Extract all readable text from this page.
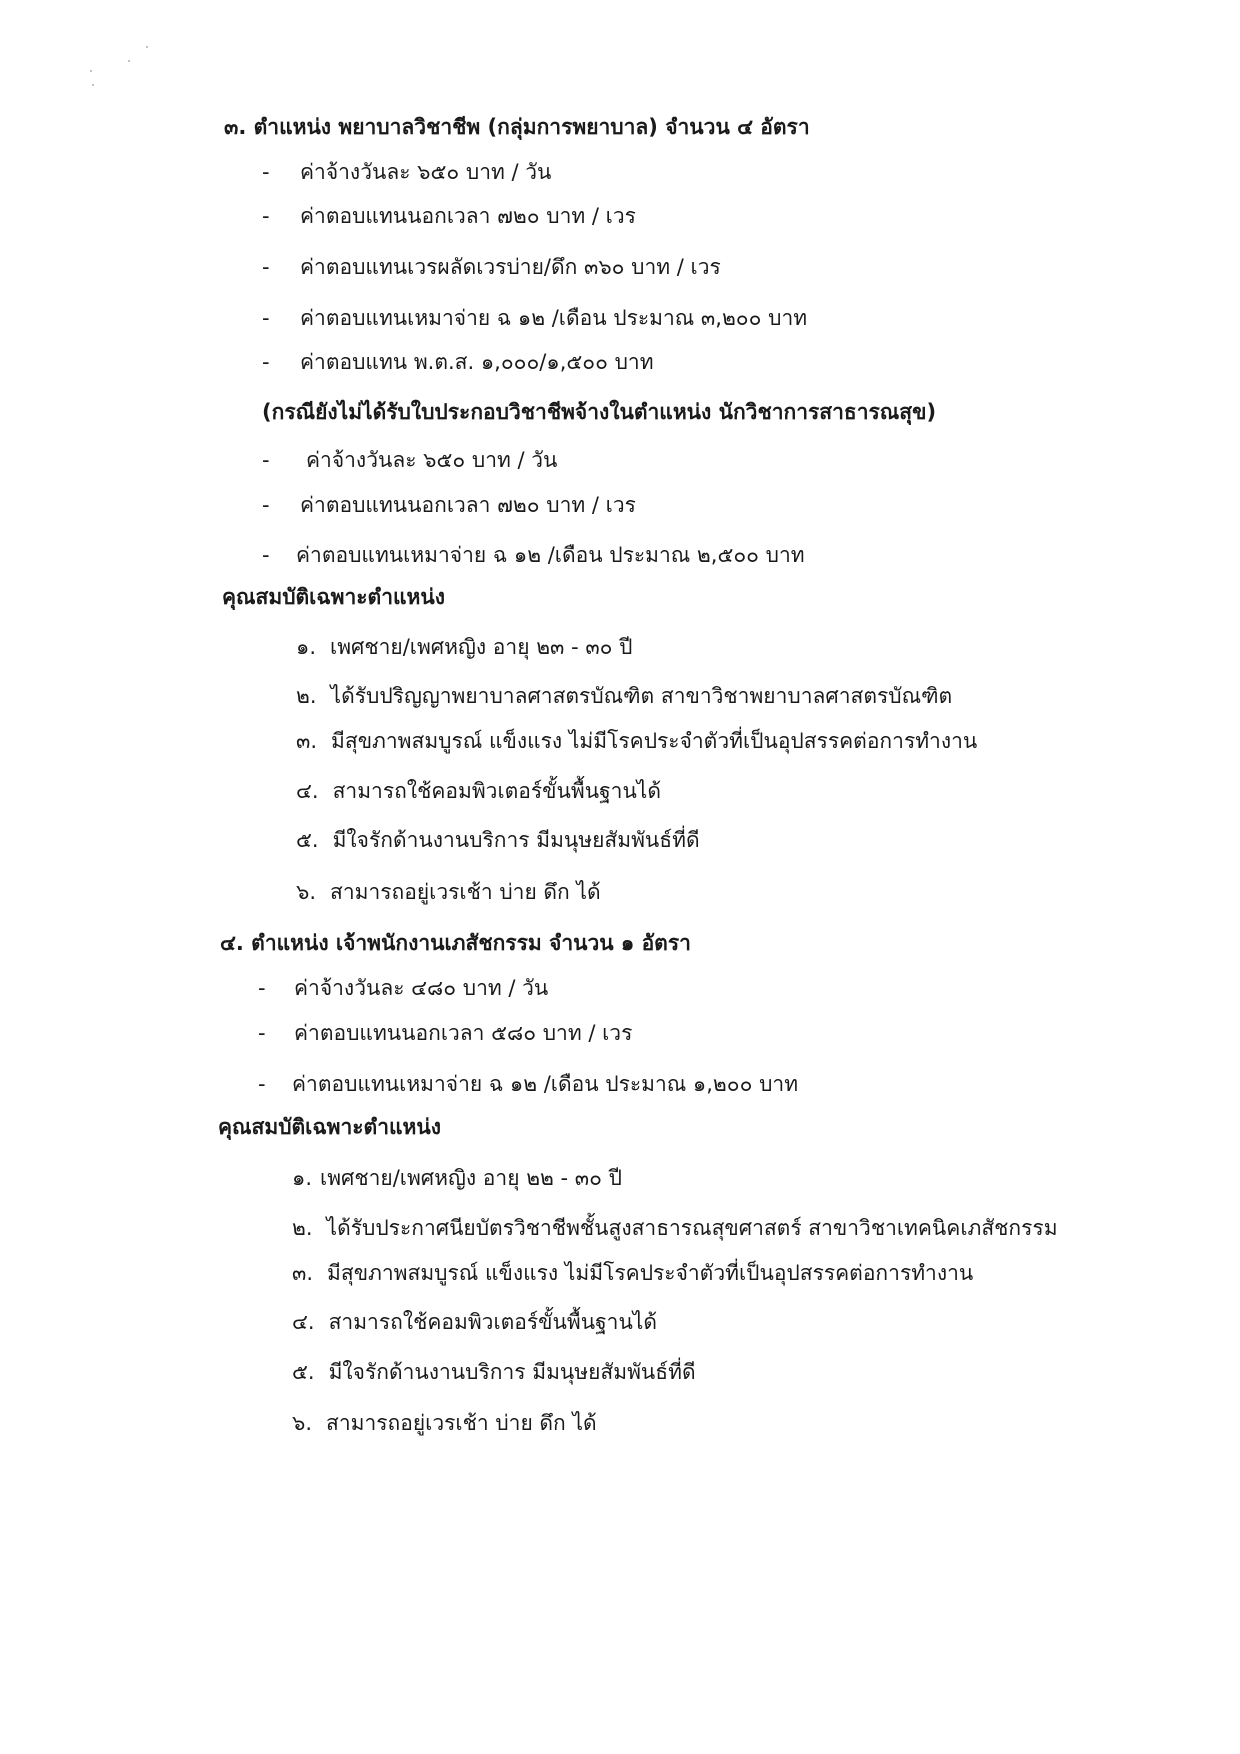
๓. ตำแหน่ง พยาบาลวิชาชีพ (กลุ่มการพยาบาล) จำนวน ๔ อัตรา
- ค่าจ้างวันละ ๖๕๐ บาท / วัน
- ค่าตอบแทนนอกเวลา ๗๒๐ บาท / เวร
- ค่าตอบแทนเวรผลัดเวรบ่าย/ดึก ๓๖๐ บาท / เวร
- ค่าตอบแทนเหมาจ่าย ฉ ๑๒ /เดือน ประมาณ ๓,๒๐๐ บาท
- ค่าตอบแทน พ.ต.ส. ๑,๐๐๐/๑,๕๐๐ บาท
(กรณียังไม่ได้รับใบประกอบวิชาชีพจ้างในตำแหน่ง นักวิชาการสาธารณสุข)
- ค่าจ้างวันละ ๖๕๐ บาท / วัน
- ค่าตอบแทนนอกเวลา ๗๒๐ บาท / เวร
- ค่าตอบแทนเหมาจ่าย ฉ ๑๒ /เดือน ประมาณ ๒,๕๐๐ บาท
คุณสมบัติเฉพาะตำแหน่ง
๑. เพศชาย/เพศหญิง อายุ ๒๓ - ๓๐ ปี
๒. ได้รับปริญญาพยาบาลศาสตรบัณฑิต สาขาวิชาพยาบาลศาสตรบัณฑิต
๓. มีสุขภาพสมบูรณ์ แข็งแรง ไม่มีโรคประจำตัวที่เป็นอุปสรรคต่อการทำงาน
๔. สามารถใช้คอมพิวเตอร์ขั้นพื้นฐานได้
๕. มีใจรักด้านงานบริการ มีมนุษยสัมพันธ์ที่ดี
๖. สามารถอยู่เวรเช้า บ่าย ดึก ได้
๔. ตำแหน่ง เจ้าพนักงานเภสัชกรรม จำนวน ๑ อัตรา
- ค่าจ้างวันละ ๔๘๐ บาท / วัน
- ค่าตอบแทนนอกเวลา ๕๘๐ บาท / เวร
- ค่าตอบแทนเหมาจ่าย ฉ ๑๒ /เดือน ประมาณ ๑,๒๐๐ บาท
คุณสมบัติเฉพาะตำแหน่ง
๑. เพศชาย/เพศหญิง อายุ ๒๒ - ๓๐ ปี
๒. ได้รับประกาศนียบัตรวิชาชีพชั้นสูงสาธารณสุขศาสตร์ สาขาวิชาเทคนิคเภสัชกรรม
๓. มีสุขภาพสมบูรณ์ แข็งแรง ไม่มีโรคประจำตัวที่เป็นอุปสรรคต่อการทำงาน
๔. สามารถใช้คอมพิวเตอร์ขั้นพื้นฐานได้
๕. มีใจรักด้านงานบริการ มีมนุษยสัมพันธ์ที่ดี
๖. สามารถอยู่เวรเช้า บ่าย ดึก ได้
